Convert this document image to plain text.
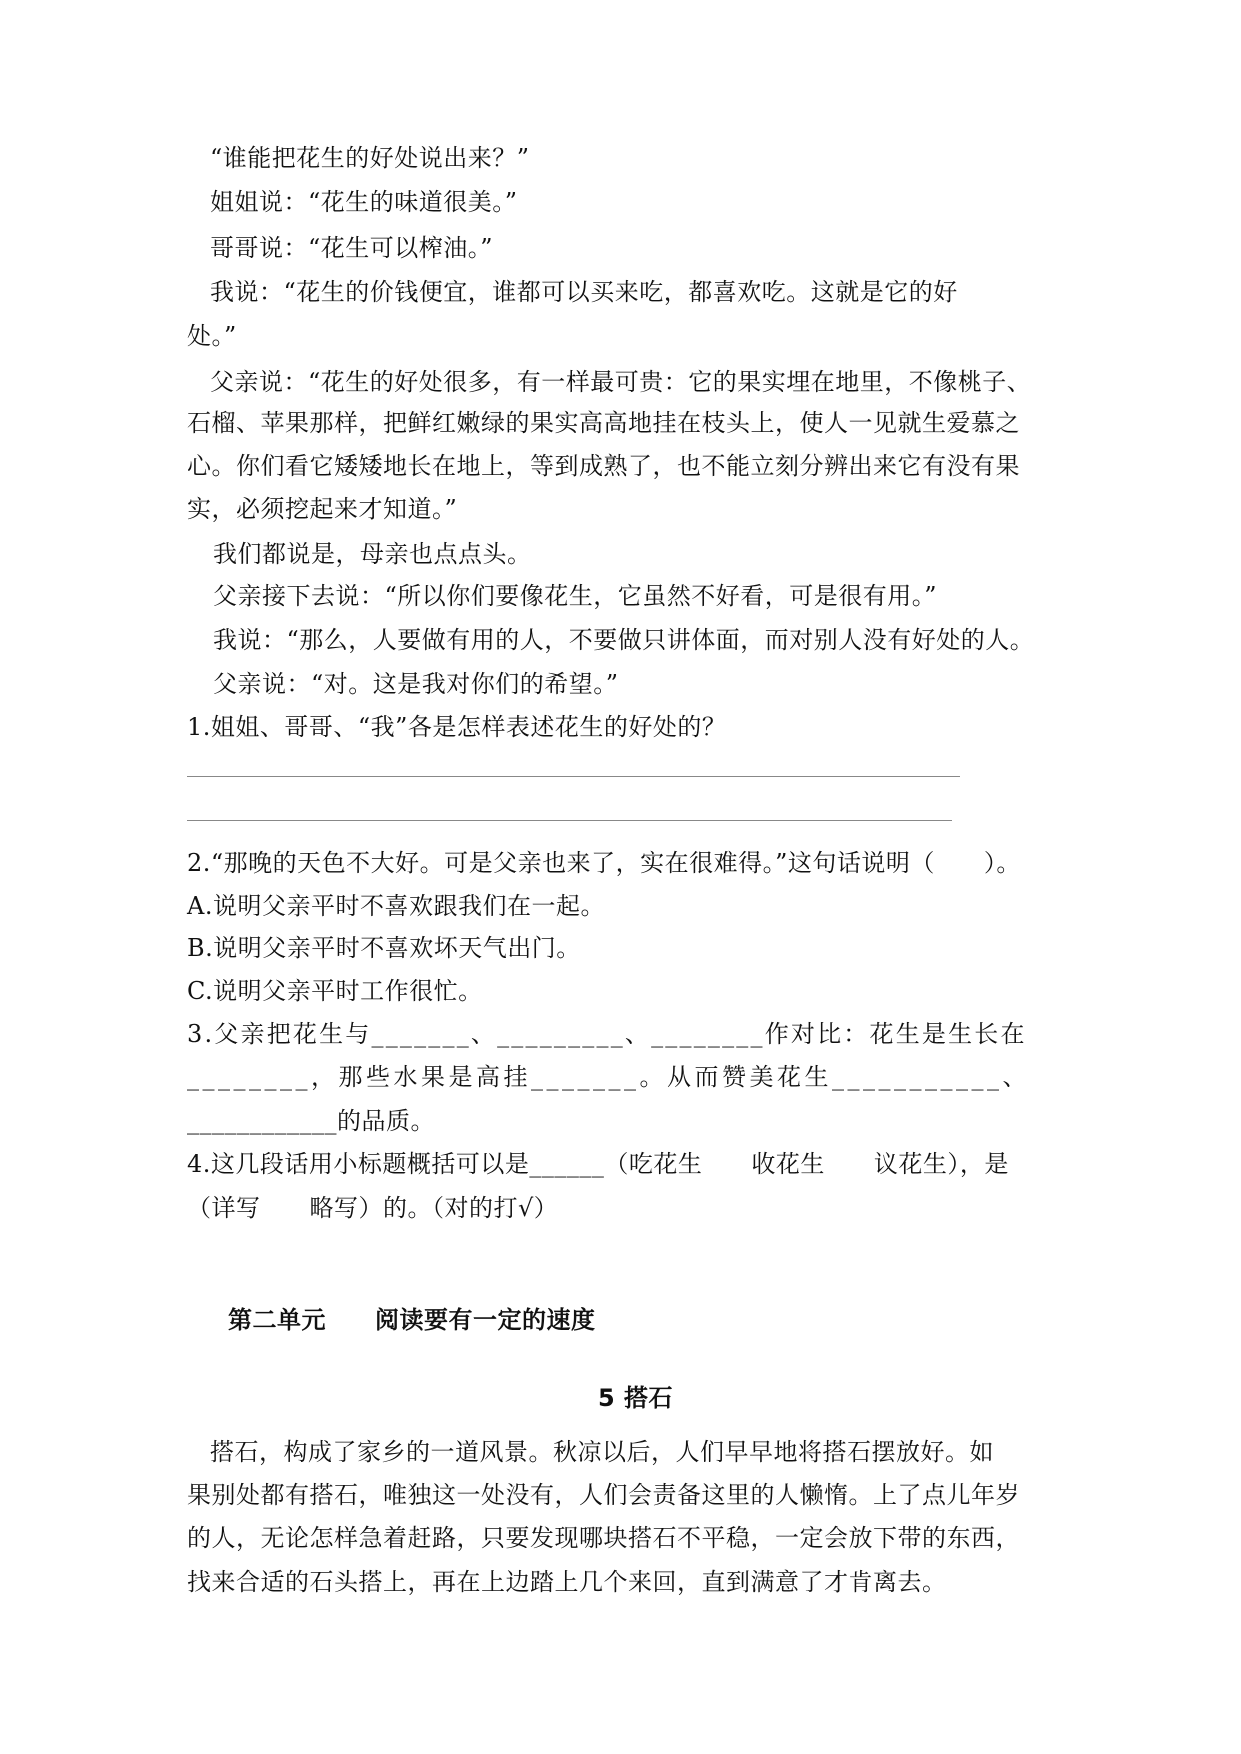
“谁能把花生的好处说出来？”
姐姐说：“花生的味道很美。”
哥哥说：“花生可以榨油。”
我说：“花生的价钱便宜，谁都可以买来吃，都喜欢吃。这就是它的好
处。”
父亲说：“花生的好处很多，有一样最可贵：它的果实埋在地里，不像桃子、
石榴、苹果那样，把鲜红嫩绿的果实高高地挂在枝头上，使人一见就生爱慕之
心。你们看它矮矮地长在地上，等到成熟了，也不能立刻分辨出来它有没有果
实，必须挖起来才知道。”
我们都说是，母亲也点点头。
父亲接下去说：“所以你们要像花生，它虽然不好看，可是很有用。”
我说：“那么，人要做有用的人，不要做只讲体面，而对别人没有好处的人。
父亲说：“对。这是我对你们的希望。”
1.姐姐、哥哥、“我”各是怎样表述花生的好处的？
2.“那晚的天色不大好。可是父亲也来了，实在很难得。”这句话说明（　　）。
A.说明父亲平时不喜欢跟我们在一起。
B.说明父亲平时不喜欢坏天气出门。
C.说明父亲平时工作很忙。
3.父亲把花生与_______、_________、________作对比：花生是生长在
________，那些水果是高挂_______。从而赞美花生___________、
____________的品质。
4.这几段话用小标题概括可以是______（吃花生　　收花生　　议花生），是
（详写　　略写）的。（对的打√）
第二单元　　阅读要有一定的速度
5 搭石
搭石，构成了家乡的一道风景。秋凉以后，人们早早地将搭石摆放好。如
果别处都有搭石，唯独这一处没有，人们会责备这里的人懒惰。上了点儿年岁
的人，无论怎样急着赶路，只要发现哪块搭石不平稳，一定会放下带的东西，
找来合适的石头搭上，再在上边踏上几个来回，直到满意了才肯离去。
